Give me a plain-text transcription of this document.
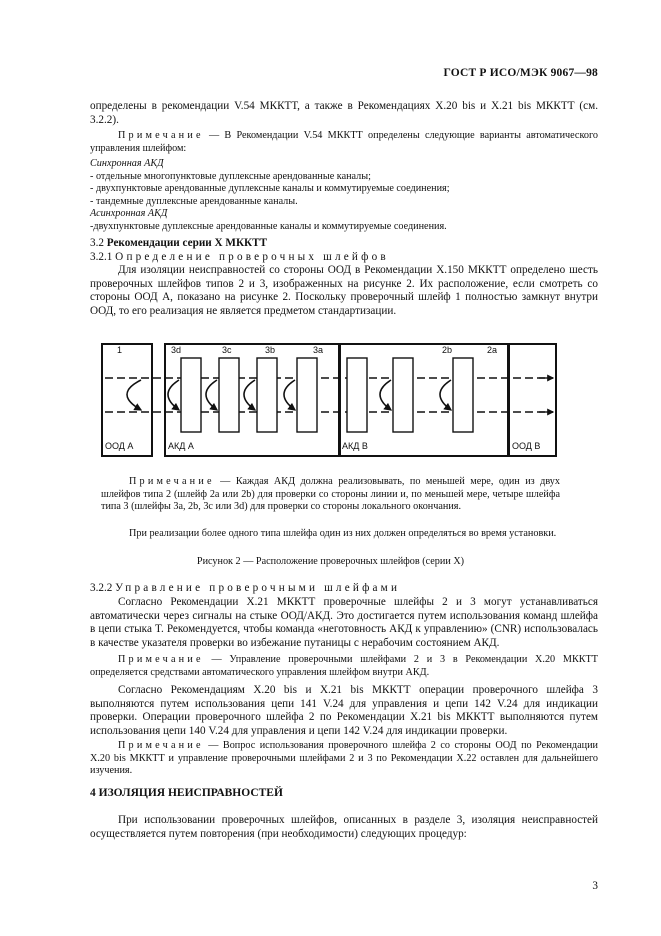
ГОСТ Р ИСО/МЭК 9067—98

определены в рекомендации V.54 МККТТ, а также в Рекомендациях X.20 bis и X.21 bis МККТТ (см. 3.2.2).

Примечание — В Рекомендации V.54 МККТТ определены следующие варианты автоматического управления шлейфом:

Синхронная АКД
- отдельные многопунктовые дуплексные арендованные каналы;
- двухпунктовые арендованные дуплексные каналы и коммутируемые соединения;
- тандемные дуплексные арендованные каналы.
Асинхронная АКД
-двухпунктовые дуплексные арендованные каналы и коммутируемые соединения.
3.2 Рекомендации серии X МККТТ
3.2.1 Определение проверочных шлейфов

Для изоляции неисправностей со стороны ООД в Рекомендации X.150 МККТТ определено шесть проверочных шлейфов типов 2 и 3, изображенных на рисунке 2. Их расположение, если смотреть со стороны ООД А, показано на рисунке 2. Поскольку проверочный шлейф 1 полностью замкнут внутри ООД, то его реализация не является предметом стандартизации.

1	3d	3c	3b	3a	2b	2a
ООД А	АКД А	АКД В	ООД В

Примечание — Каждая АКД должна реализовывать, по меньшей мере, один из двух шлейфов типа 2 (шлейф 2а или 2b) для проверки со стороны линии и, по меньшей мере, четыре шлейфа типа 3 (шлейфы 3а, 2b, 3c или 3d) для проверки со стороны локального окончания.

При реализации более одного типа шлейфа один из них должен определяться во время установки.

Рисунок 2 — Расположение проверочных шлейфов (серии X)
3.2.2 Управление проверочными шлейфами

Согласно Рекомендации X.21 МККТТ проверочные шлейфы 2 и 3 могут устанавливаться автоматически через сигналы на стыке ООД/АКД. Это достигается путем использования команд шлейфа в цепи стыка T. Рекомендуется, чтобы команда «неготовность АКД к управлению» (CNR) использовалась в качестве указателя проверки во избежание путаницы с нерабочим состоянием АКД.

Примечание — Управление проверочными шлейфами 2 и 3 в Рекомендации X.20 МККТТ определяется средствами автоматического управления шлейфом внутри АКД.

Согласно Рекомендациям X.20 bis и X.21 bis МККТТ операции проверочного шлейфа 3 выполняются путем использования цепи 141 V.24 для управления и цепи 142 V.24 для индикации проверки. Операции проверочного шлейфа 2 по Рекомендации X.21 bis МККТТ выполняются путем использования цепи 140 V.24 для управления и цепи 142 V.24 для индикации проверки.

Примечание — Вопрос использования проверочного шлейфа 2 со стороны ООД по Рекомендации X.20 bis МККТТ и управление проверочными шлейфами 2 и 3 по Рекомендации X.22 оставлен для дальнейшего изучения.

4 ИЗОЛЯЦИЯ НЕИСПРАВНОСТЕЙ

При использовании проверочных шлейфов, описанных в разделе 3, изоляция неисправностей осуществляется путем повторения (при необходимости) следующих процедур:

3
